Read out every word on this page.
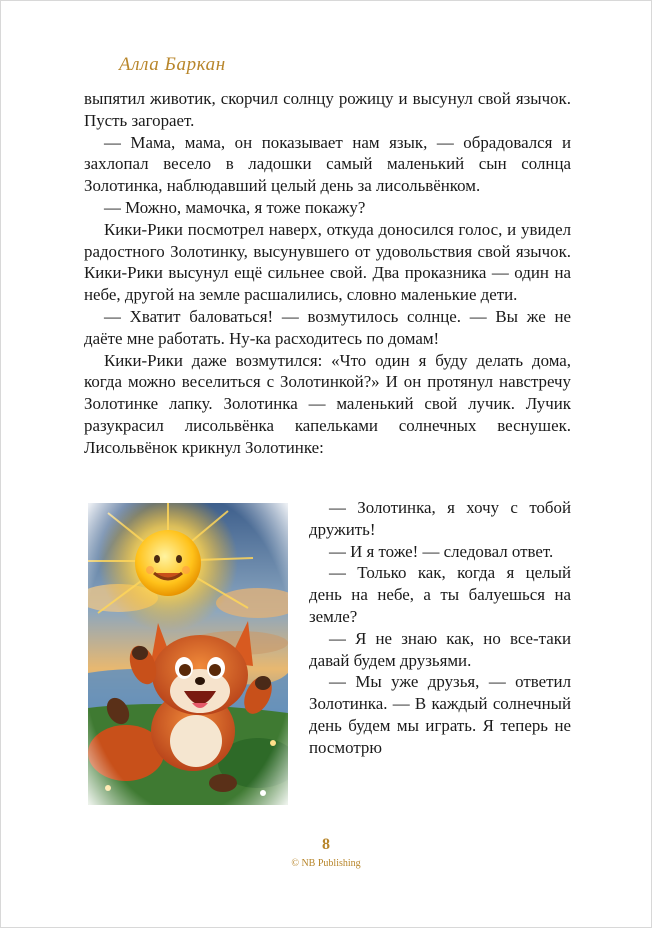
Алла Баркан

выпятил животик, скорчил солнцу рожицу и высунул свой язычок. Пусть загорает.

— Мама, мама, он показывает нам язык, — обрадовался и захлопал весело в ладошки самый маленький сын солнца Золотинка, наблюдавший целый день за лисольвёнком.

— Можно, мамочка, я тоже покажу?

Кики-Рики посмотрел наверх, откуда доносился голос, и увидел радостного Золотинку, высунувшего от удовольствия свой язычок. Кики-Рики высунул ещё сильнее свой. Два проказника — один на небе, другой на земле расшалились, словно маленькие дети.

— Хватит баловаться! — возмутилось солнце. — Вы же не даёте мне работать. Ну-ка расходитесь по домам!

Кики-Рики даже возмутился: «Что один я буду делать дома, когда можно веселиться с Золотинкой?» И он протянул навстречу Золотинке лапку. Золотинка — маленький свой лучик. Лучик разукрасил лисольвёнка капельками солнечных веснушек. Лисольвёнок крикнул Золотинке:

— Золотинка, я хочу с тобой дружить!

— И я тоже! — следовал ответ.

— Только как, когда я целый день на небе, а ты балуешься на земле?

— Я не знаю как, но все-таки давай будем друзьями.

— Мы уже друзья, — ответил Золотинка. — В каждый солнечный день будем мы играть. Я теперь не посмотрю

8
© NB Publishing
